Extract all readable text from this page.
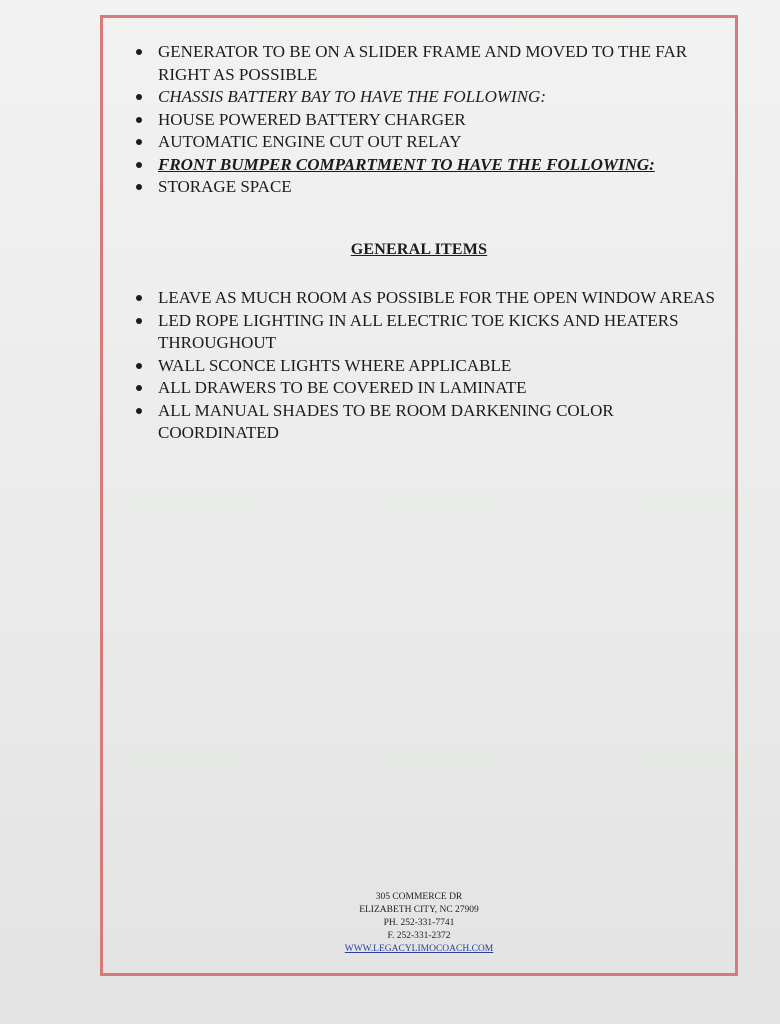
GENERATOR TO BE ON A SLIDER FRAME AND MOVED TO THE FAR RIGHT AS POSSIBLE
CHASSIS BATTERY BAY TO HAVE THE FOLLOWING:
HOUSE POWERED BATTERY CHARGER
AUTOMATIC ENGINE CUT OUT RELAY
FRONT BUMPER COMPARTMENT TO HAVE THE FOLLOWING:
STORAGE SPACE
GENERAL ITEMS
LEAVE AS MUCH ROOM AS POSSIBLE FOR THE OPEN WINDOW AREAS
LED ROPE LIGHTING IN ALL ELECTRIC TOE KICKS AND HEATERS THROUGHOUT
WALL SCONCE LIGHTS WHERE APPLICABLE
ALL DRAWERS TO BE COVERED IN LAMINATE
ALL MANUAL SHADES TO BE ROOM DARKENING COLOR COORDINATED
305 COMMERCE DR
ELIZABETH CITY, NC 27909
PH. 252-331-7741
F. 252-331-2372
WWW.LEGACYLIMOCOACH.COM
